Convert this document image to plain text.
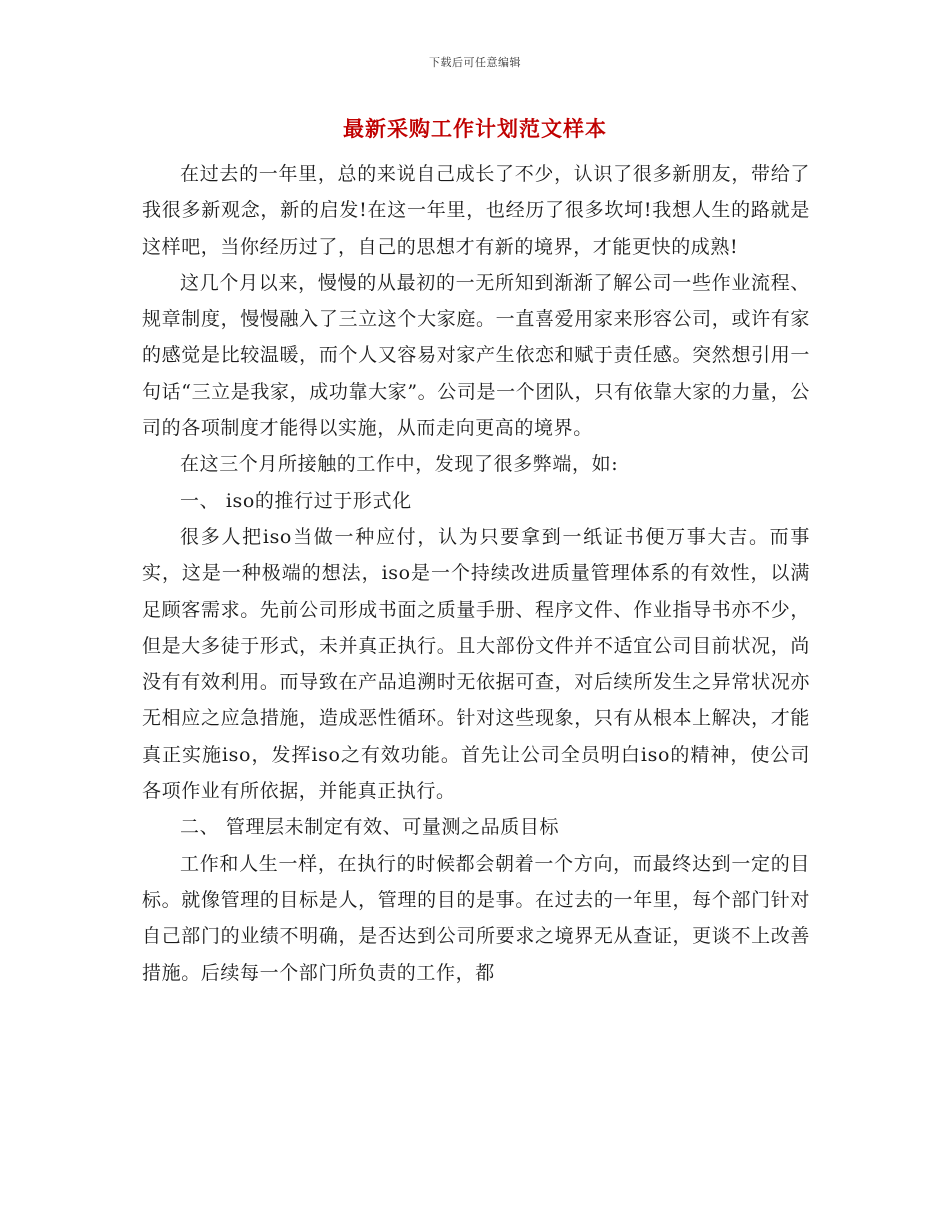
下载后可任意编辑
最新采购工作计划范文样本

在过去的一年里，总的来说自己成长了不少，认识了很多新朋友，带给了我很多新观念，新的启发!在这一年里，也经历了很多坎坷!我想人生的路就是这样吧，当你经历过了，自己的思想才有新的境界，才能更快的成熟!

这几个月以来，慢慢的从最初的一无所知到渐渐了解公司一些作业流程、规章制度，慢慢融入了三立这个大家庭。一直喜爱用家来形容公司，或许有家的感觉是比较温暖，而个人又容易对家产生依恋和赋于责任感。突然想引用一句话“三立是我家，成功靠大家”。公司是一个团队，只有依靠大家的力量，公司的各项制度才能得以实施，从而走向更高的境界。

在这三个月所接触的工作中，发现了很多弊端，如:

一、 iso的推行过于形式化

很多人把iso当做一种应付，认为只要拿到一纸证书便万事大吉。而事实，这是一种极端的想法，iso是一个持续改进质量管理体系的有效性，以满足顾客需求。先前公司形成书面之质量手册、程序文件、作业指导书亦不少，但是大多徒于形式，未并真正执行。且大部份文件并不适宜公司目前状况，尚没有有效利用。而导致在产品追溯时无依据可查，对后续所发生之异常状况亦无相应之应急措施，造成恶性循环。针对这些现象，只有从根本上解决，才能真正实施iso，发挥iso之有效功能。首先让公司全员明白iso的精神，使公司各项作业有所依据，并能真正执行。

二、 管理层未制定有效、可量测之品质目标

工作和人生一样，在执行的时候都会朝着一个方向，而最终达到一定的目标。就像管理的目标是人，管理的目的是事。在过去的一年里，每个部门针对自己部门的业绩不明确，是否达到公司所要求之境界无从查证，更谈不上改善措施。后续每一个部门所负责的工作，都
